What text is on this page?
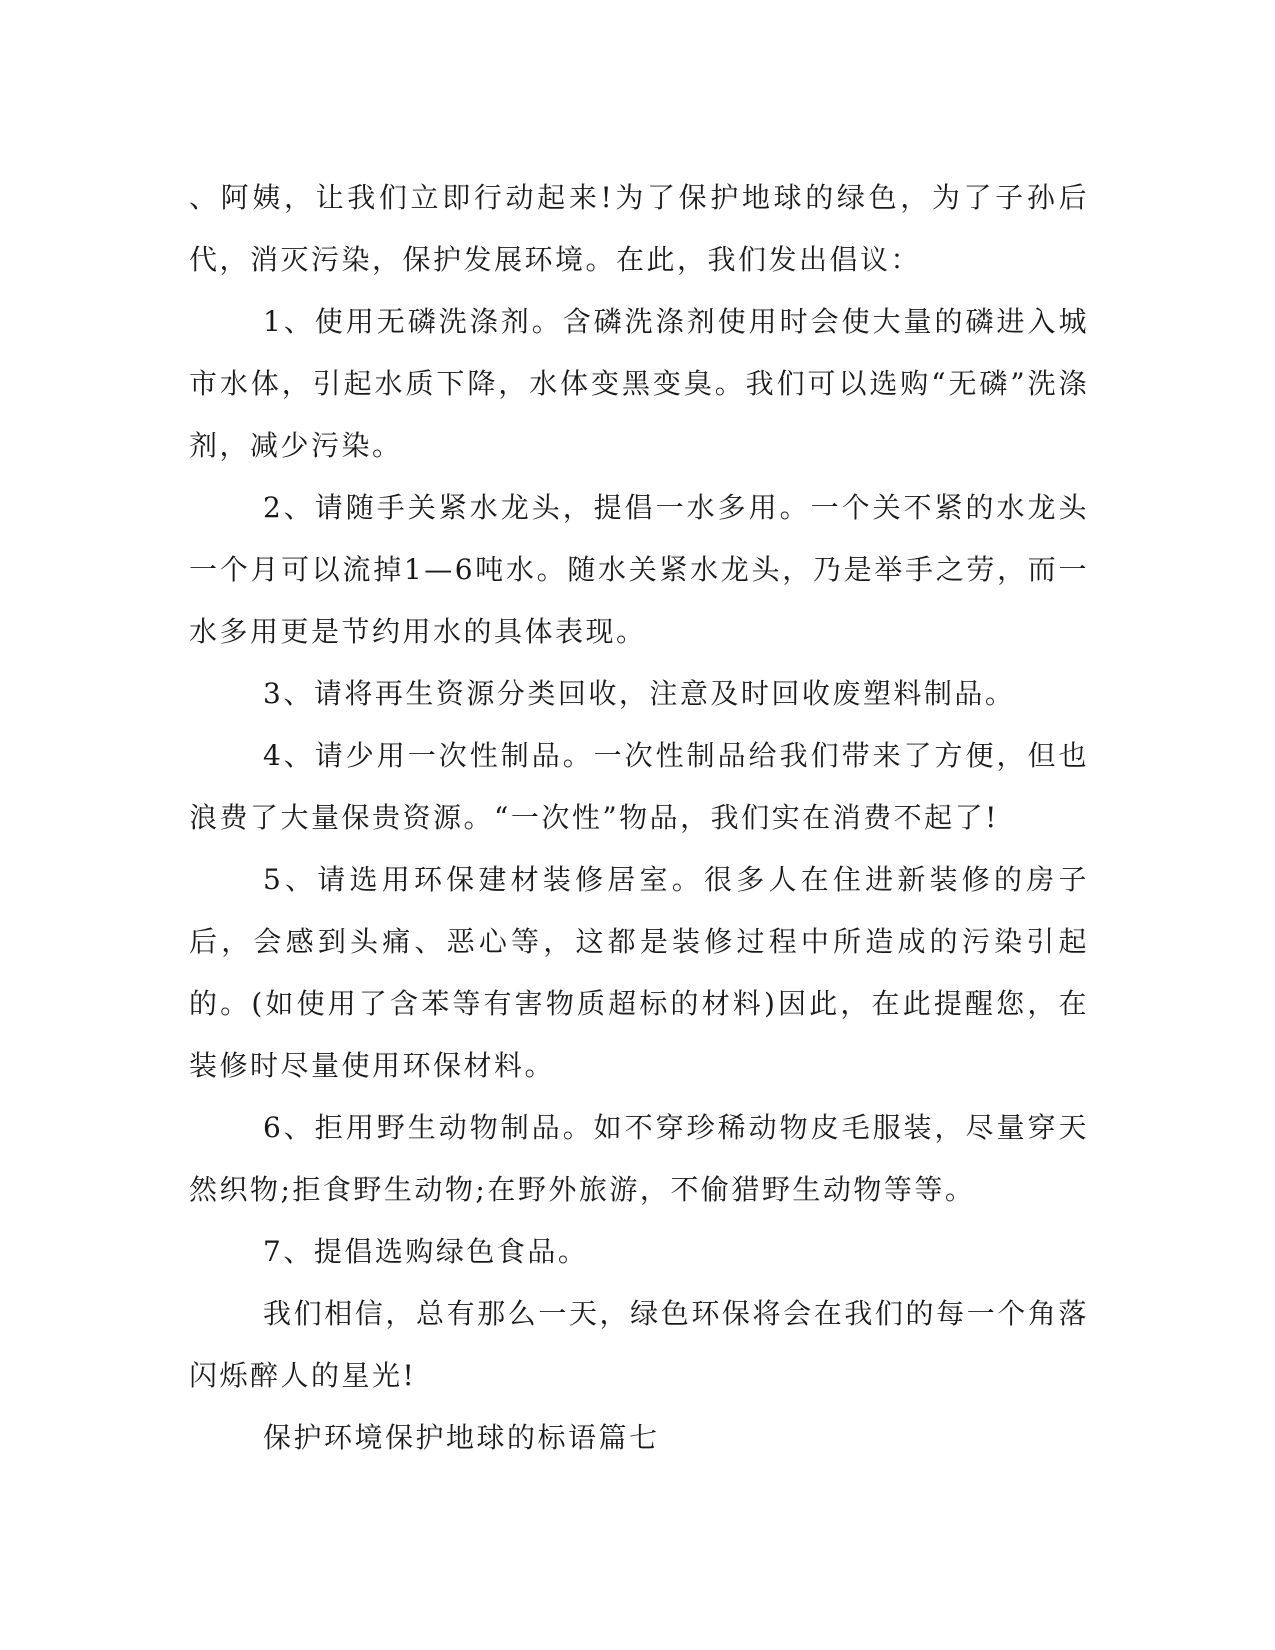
、阿姨，让我们立即行动起来!为了保护地球的绿色，为了子孙后代，消灭污染，保护发展环境。在此，我们发出倡议：

1、使用无磷洗涤剂。含磷洗涤剂使用时会使大量的磷进入城市水体，引起水质下降，水体变黑变臭。我们可以选购“无磷”洗涤剂，减少污染。

2、请随手关紧水龙头，提倡一水多用。一个关不紧的水龙头一个月可以流掉1—6吨水。随水关紧水龙头，乃是举手之劳，而一水多用更是节约用水的具体表现。

3、请将再生资源分类回收，注意及时回收废塑料制品。

4、请少用一次性制品。一次性制品给我们带来了方便，但也浪费了大量保贵资源。“一次性”物品，我们实在消费不起了!

5、请选用环保建材装修居室。很多人在住进新装修的房子后，会感到头痛、恶心等，这都是装修过程中所造成的污染引起的。(如使用了含苯等有害物质超标的材料)因此，在此提醒您，在装修时尽量使用环保材料。

6、拒用野生动物制品。如不穿珍稀动物皮毛服装，尽量穿天然织物;拒食野生动物;在野外旅游，不偷猎野生动物等等。

7、提倡选购绿色食品。

我们相信，总有那么一天，绿色环保将会在我们的每一个角落闪烁醉人的星光!

保护环境保护地球的标语篇七
